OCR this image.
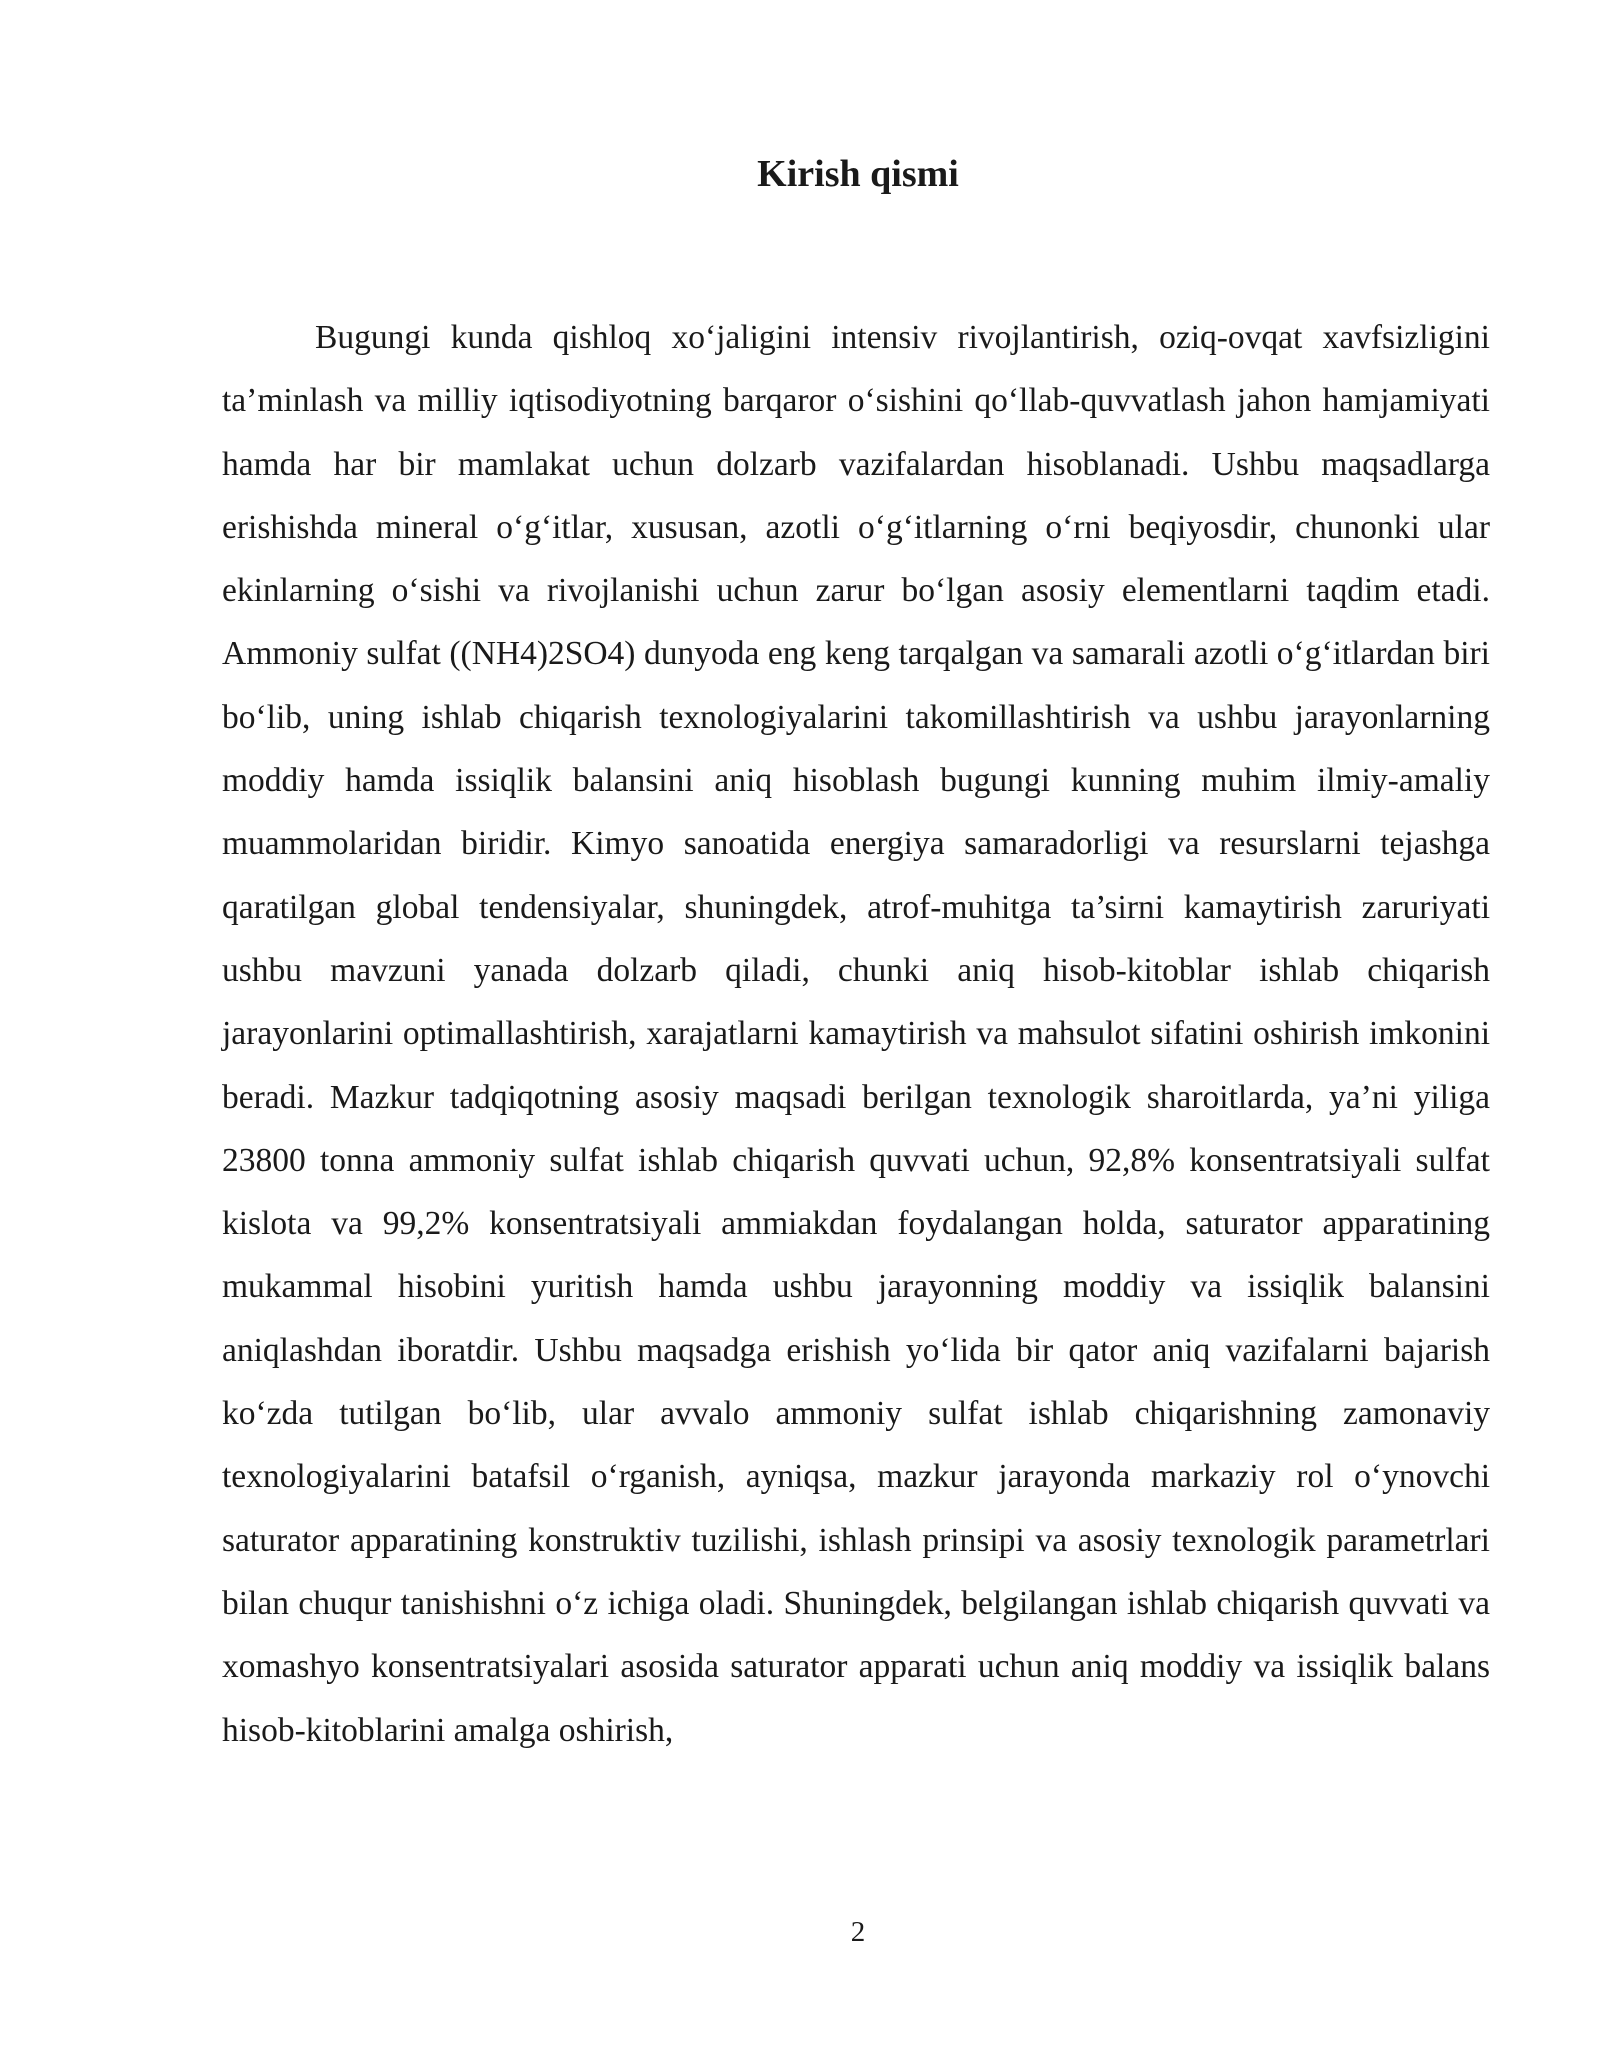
Kirish qismi

Bugungi kunda qishloq xo‘jaligini intensiv rivojlantirish, oziq-ovqat xavfsizligini ta’minlash va milliy iqtisodiyotning barqaror o‘sishini qo‘llab-quvvatlash jahon hamjamiyati hamda har bir mamlakat uchun dolzarb vazifalardan hisoblanadi. Ushbu maqsadlarga erishishda mineral o‘g‘itlar, xususan, azotli o‘g‘itlarning o‘rni beqiyosdir, chunonki ular ekinlarning o‘sishi va rivojlanishi uchun zarur bo‘lgan asosiy elementlarni taqdim etadi. Ammoniy sulfat ((NH4)2SO4) dunyoda eng keng tarqalgan va samarali azotli o‘g‘itlardan biri bo‘lib, uning ishlab chiqarish texnologiyalarini takomillashtirish va ushbu jarayonlarning moddiy hamda issiqlik balansini aniq hisoblash bugungi kunning muhim ilmiy-amaliy muammolaridan biridir. Kimyo sanoatida energiya samaradorligi va resurslarni tejashga qaratilgan global tendensiyalar, shuningdek, atrof-muhitga ta’sirni kamaytirish zaruriyati ushbu mavzuni yanada dolzarb qiladi, chunki aniq hisob-kitoblar ishlab chiqarish jarayonlarini optimallashtirish, xarajatlarni kamaytirish va mahsulot sifatini oshirish imkonini beradi. Mazkur tadqiqotning asosiy maqsadi berilgan texnologik sharoitlarda, ya’ni yiliga 23800 tonna ammoniy sulfat ishlab chiqarish quvvati uchun, 92,8% konsentratsiyali sulfat kislota va 99,2% konsentratsiyali ammiakdan foydalangan holda, saturator apparatining mukammal hisobini yuritish hamda ushbu jarayonning moddiy va issiqlik balansini aniqlashdan iboratdir. Ushbu maqsadga erishish yo‘lida bir qator aniq vazifalarni bajarish ko‘zda tutilgan bo‘lib, ular avvalo ammoniy sulfat ishlab chiqarishning zamonaviy texnologiyalarini batafsil o‘rganish, ayniqsa, mazkur jarayonda markaziy rol o‘ynovchi saturator apparatining konstruktiv tuzilishi, ishlash prinsipi va asosiy texnologik parametrlari bilan chuqur tanishishni o‘z ichiga oladi. Shuningdek, belgilangan ishlab chiqarish quvvati va xomashyo konsentratsiyalari asosida saturator apparati uchun aniq moddiy va issiqlik balans hisob-kitoblarini amalga oshirish,

2
